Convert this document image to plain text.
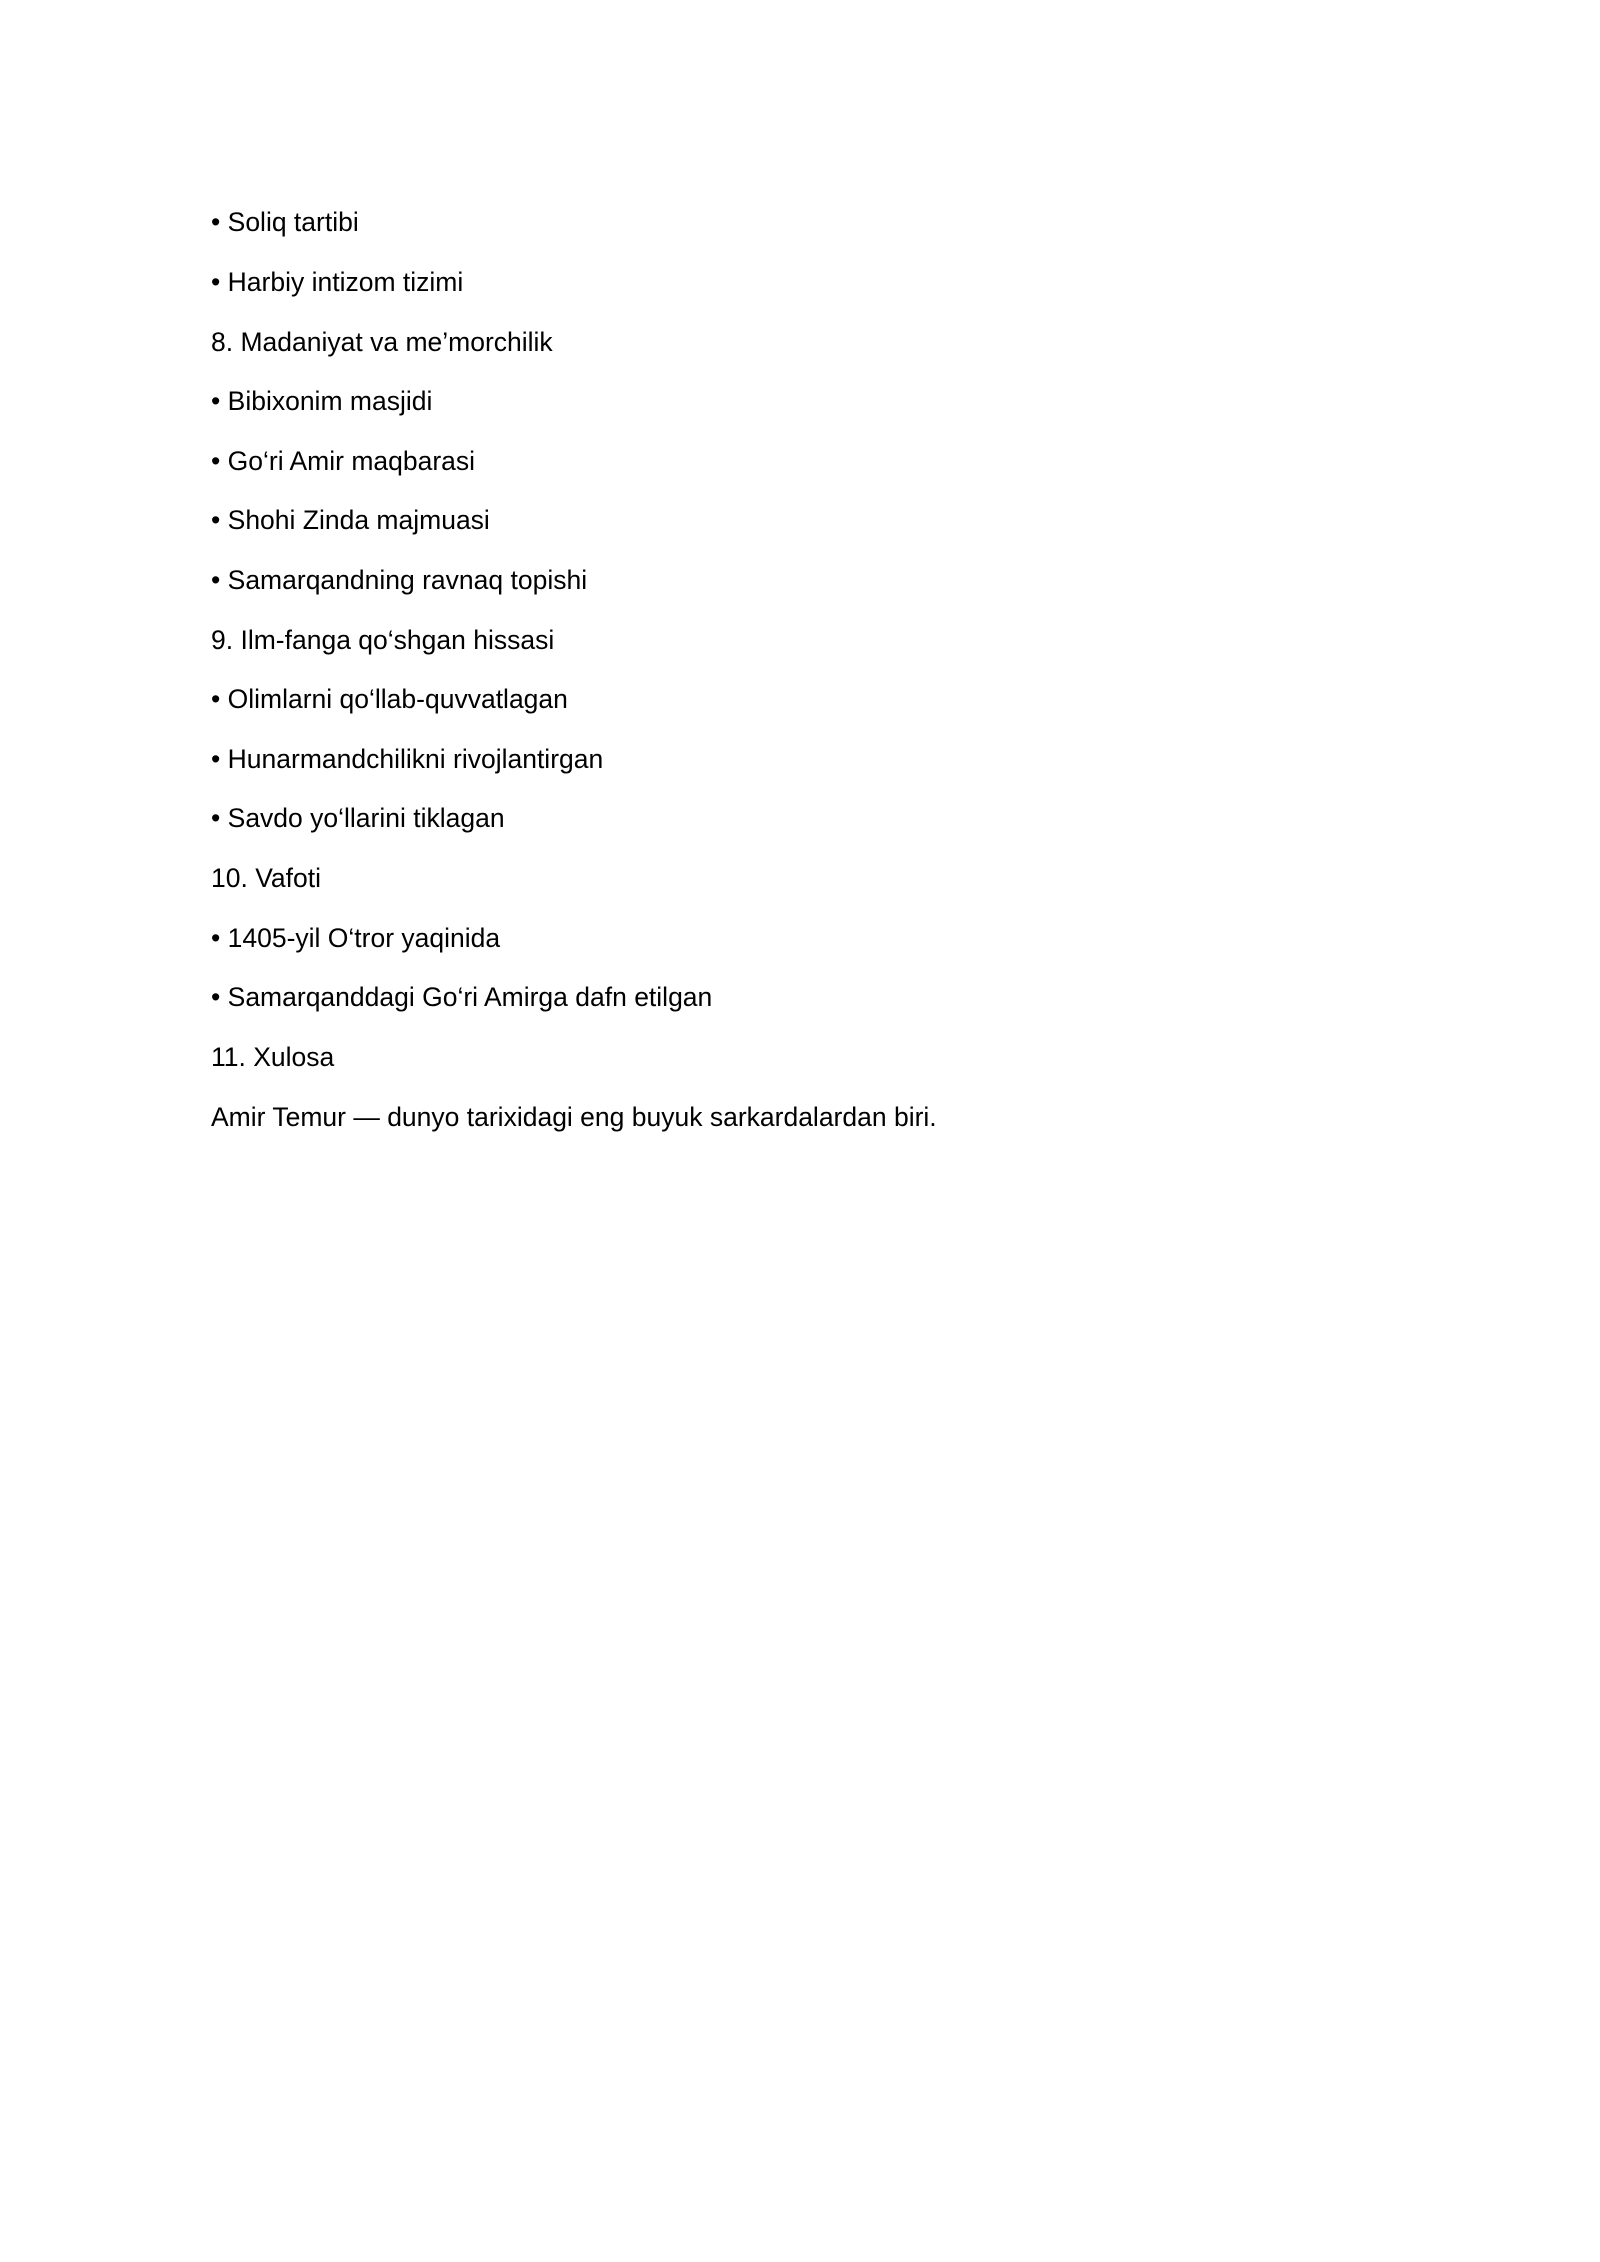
• Soliq tartibi
• Harbiy intizom tizimi
8. Madaniyat va me’morchilik
• Bibixonim masjidi
• Go‘ri Amir maqbarasi
• Shohi Zinda majmuasi
• Samarqandning ravnaq topishi
9. Ilm-fanga qo‘shgan hissasi
• Olimlarni qo‘llab-quvvatlagan
• Hunarmandchilikni rivojlantirgan
• Savdo yo‘llarini tiklagan
10. Vafoti
• 1405-yil O‘tror yaqinida
• Samarqanddagi Go‘ri Amirga dafn etilgan
11. Xulosa
Amir Temur — dunyo tarixidagi eng buyuk sarkardalardan biri.
